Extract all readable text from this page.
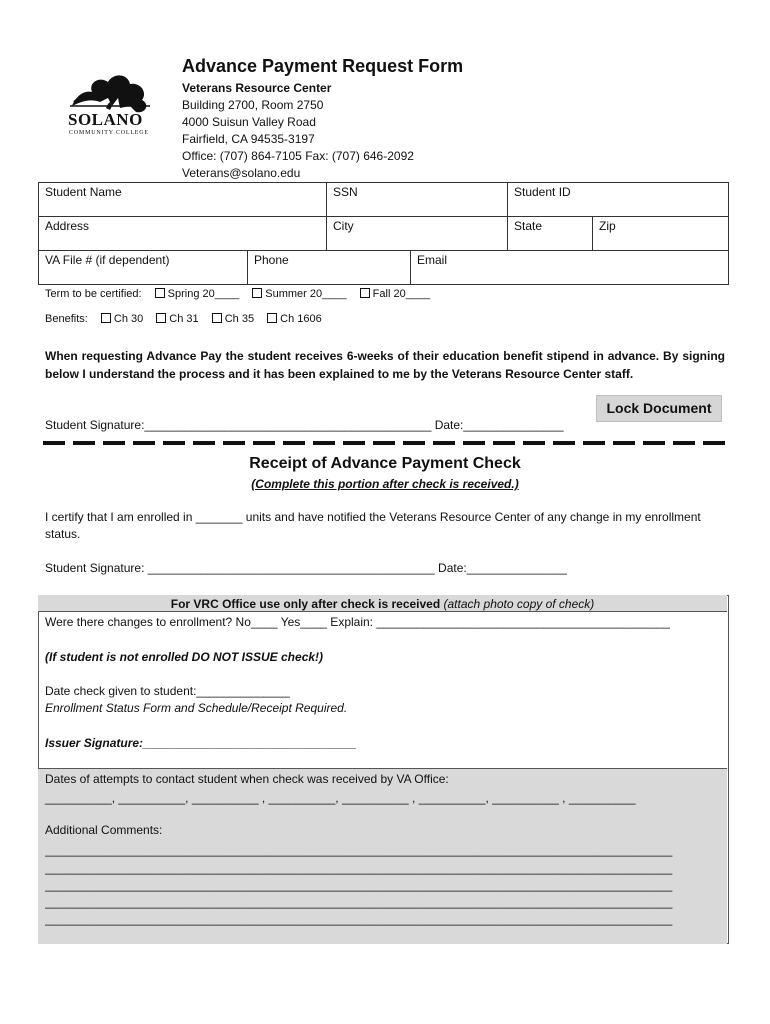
SOLANO
COMMUNITY COLLEGE
Advance Payment Request Form
Veterans Resource Center
Building 2700, Room 2750
4000 Suisun Valley Road
Fairfield, CA 94535-3197
Office: (707) 864-7105 Fax: (707) 646-2092
Veterans@solano.edu
Student Name	SSN	Student ID
Address	City	State	Zip
VA File # (if dependent)	Phone	Email
Term to be certified: Spring 20____ Summer 20____ Fall 20____
Benefits: Ch 30 Ch 31 Ch 35 Ch 1606
When requesting Advance Pay the student receives 6-weeks of their education benefit stipend in advance. By signing below I understand the process and it has been explained to me by the Veterans Resource Center staff.
Lock Document
Student Signature:___________________________________________ Date:_______________
Receipt of Advance Payment Check
(Complete this portion after check is received.)
I certify that I am enrolled in _______ units and have notified the Veterans Resource Center of any change in my enrollment status.
Student Signature: ___________________________________________ Date:_______________
For VRC Office use only after check is received (attach photo copy of check)
Were there changes to enrollment? No____ Yes____ Explain: ____________________________________________
(If student is not enrolled DO NOT ISSUE check!)
Date check given to student:______________
Enrollment Status Form and Schedule/Receipt Required.
Issuer Signature:________________________________
Dates of attempts to contact student when check was received by VA Office:
__________, __________, __________ , __________, __________ , __________, __________ , __________
Additional Comments:
______________________________________________________________________________________________
______________________________________________________________________________________________
______________________________________________________________________________________________
______________________________________________________________________________________________
______________________________________________________________________________________________
